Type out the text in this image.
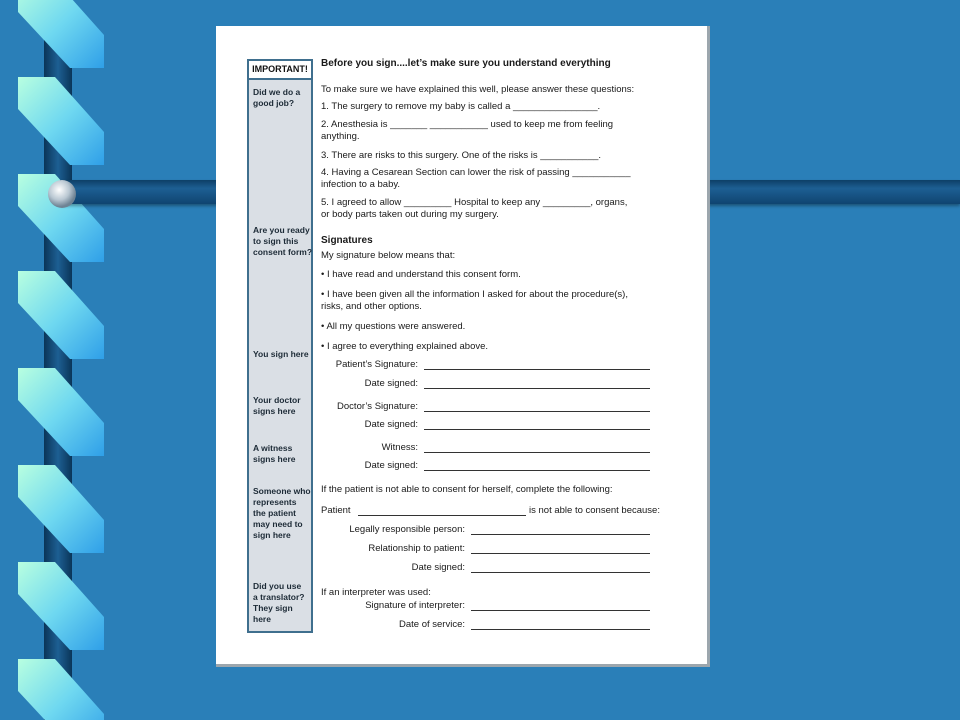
IMPORTANT!
Did we do a
good job?
Are you ready
to sign this
consent form?
You sign here
Your doctor
signs here
A witness
signs here
Someone who
represents
the patient
may need to
sign here
Did you use
a translator?
They sign
here
Before you sign....let’s make sure you understand everything
To make sure we have explained this well, please answer these questions:
1. The surgery to remove my baby is called a ________________.
2. Anesthesia is _______ ___________ used to keep me from feeling
anything.
3. There are risks to this surgery. One of the risks is ___________.
4. Having a Cesarean Section can lower the risk of passing ___________
infection to a baby.
5. I agreed to allow _________ Hospital to keep any _________, organs,
or body parts taken out during my surgery.
Signatures
My signature below means that:
• I have read and understand this consent form.
• I have been given all the information I asked for about the procedure(s),
risks, and other options.
• All my questions were answered.
• I agree to everything explained above.
Patient’s Signature:
Date signed:
Doctor’s Signature:
Date signed:
Witness:
Date signed:
If the patient is not able to consent for herself, complete the following:
Patient	is not able to consent because:
Legally responsible person:
Relationship to patient:
Date signed:
If an interpreter was used:
Signature of interpreter:
Date of service:
